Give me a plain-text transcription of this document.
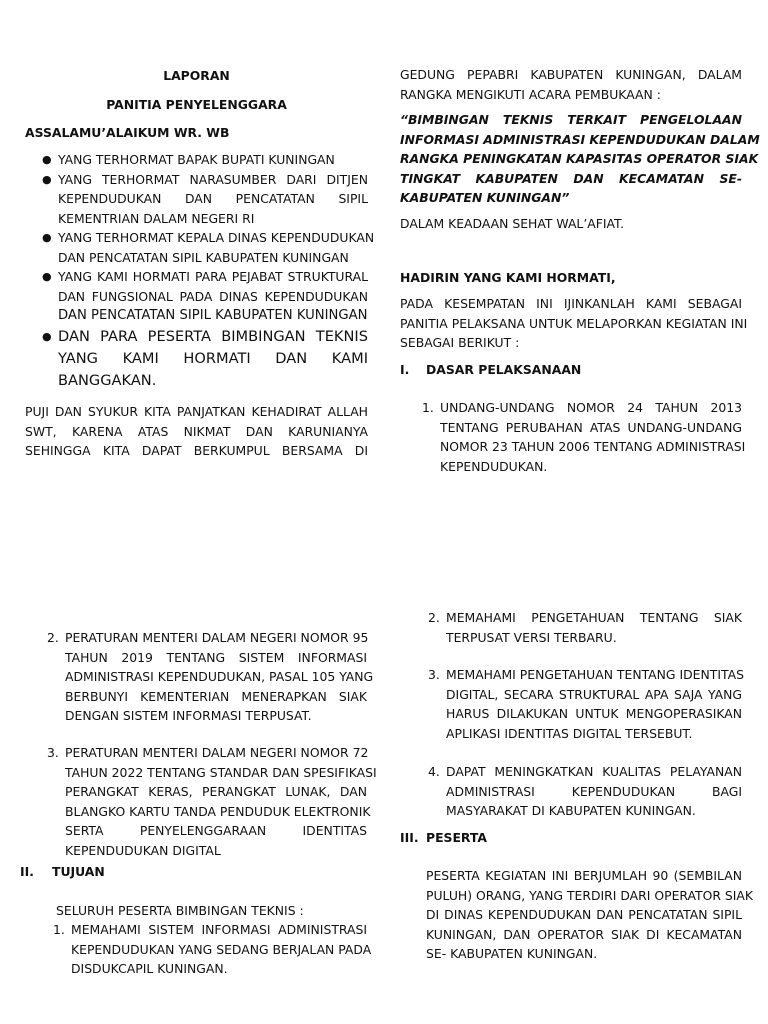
LAPORAN
PANITIA PENYELENGGARA
ASSALAMU’ALAIKUM WR. WB
● YANG TERHORMAT BAPAK BUPATI KUNINGAN
● YANG TERHORMAT NARASUMBER DARI DITJEN
KEPENDUDUKAN DAN PENCATATAN SIPIL
KEMENTRIAN DALAM NEGERI RI
● YANG TERHORMAT KEPALA DINAS KEPENDUDUKAN
DAN PENCATATAN SIPIL KABUPATEN KUNINGAN
● YANG KAMI HORMATI PARA PEJABAT STRUKTURAL
DAN FUNGSIONAL PADA DINAS KEPENDUDUKAN
DAN PENCATATAN SIPIL KABUPATEN KUNINGAN
● DAN PARA PESERTA BIMBINGAN TEKNIS
YANG KAMI HORMATI DAN KAMI
BANGGAKAN.
PUJI DAN SYUKUR KITA PANJATKAN KEHADIRAT ALLAH
SWT, KARENA ATAS NIKMAT DAN KARUNIANYA
SEHINGGA KITA DAPAT BERKUMPUL BERSAMA DI
GEDUNG PEPABRI KABUPATEN KUNINGAN, DALAM
RANGKA MENGIKUTI ACARA PEMBUKAAN :
“BIMBINGAN TEKNIS TERKAIT PENGELOLAAN
INFORMASI ADMINISTRASI KEPENDUDUKAN DALAM
RANGKA PENINGKATAN KAPASITAS OPERATOR SIAK
TINGKAT KABUPATEN DAN KECAMATAN SE-
KABUPATEN KUNINGAN”
DALAM KEADAAN SEHAT WAL’AFIAT.
HADIRIN YANG KAMI HORMATI,
PADA KESEMPATAN INI IJINKANLAH KAMI SEBAGAI
PANITIA PELAKSANA UNTUK MELAPORKAN KEGIATAN INI
SEBAGAI BERIKUT :
I. DASAR PELAKSANAAN
1. UNDANG-UNDANG NOMOR 24 TAHUN 2013
TENTANG PERUBAHAN ATAS UNDANG-UNDANG
NOMOR 23 TAHUN 2006 TENTANG ADMINISTRASI
KEPENDUDUKAN.
2. PERATURAN MENTERI DALAM NEGERI NOMOR 95
TAHUN 2019 TENTANG SISTEM INFORMASI
ADMINISTRASI KEPENDUDUKAN, PASAL 105 YANG
BERBUNYI KEMENTERIAN MENERAPKAN SIAK
DENGAN SISTEM INFORMASI TERPUSAT.
3. PERATURAN MENTERI DALAM NEGERI NOMOR 72
TAHUN 2022 TENTANG STANDAR DAN SPESIFIKASI
PERANGKAT KERAS, PERANGKAT LUNAK, DAN
BLANGKO KARTU TANDA PENDUDUK ELEKTRONIK
SERTA PENYELENGGARAAN IDENTITAS
KEPENDUDUKAN DIGITAL
II. TUJUAN
SELURUH PESERTA BIMBINGAN TEKNIS :
1. MEMAHAMI SISTEM INFORMASI ADMINISTRASI
KEPENDUDUKAN YANG SEDANG BERJALAN PADA
DISDUKCAPIL KUNINGAN.
2. MEMAHAMI PENGETAHUAN TENTANG SIAK
TERPUSAT VERSI TERBARU.
3. MEMAHAMI PENGETAHUAN TENTANG IDENTITAS
DIGITAL, SECARA STRUKTURAL APA SAJA YANG
HARUS DILAKUKAN UNTUK MENGOPERASIKAN
APLIKASI IDENTITAS DIGITAL TERSEBUT.
4. DAPAT MENINGKATKAN KUALITAS PELAYANAN
ADMINISTRASI KEPENDUDUKAN BAGI
MASYARAKAT DI KABUPATEN KUNINGAN.
III. PESERTA
PESERTA KEGIATAN INI BERJUMLAH 90 (SEMBILAN
PULUH) ORANG, YANG TERDIRI DARI OPERATOR SIAK
DI DINAS KEPENDUDUKAN DAN PENCATATAN SIPIL
KUNINGAN, DAN OPERATOR SIAK DI KECAMATAN
SE- KABUPATEN KUNINGAN.
